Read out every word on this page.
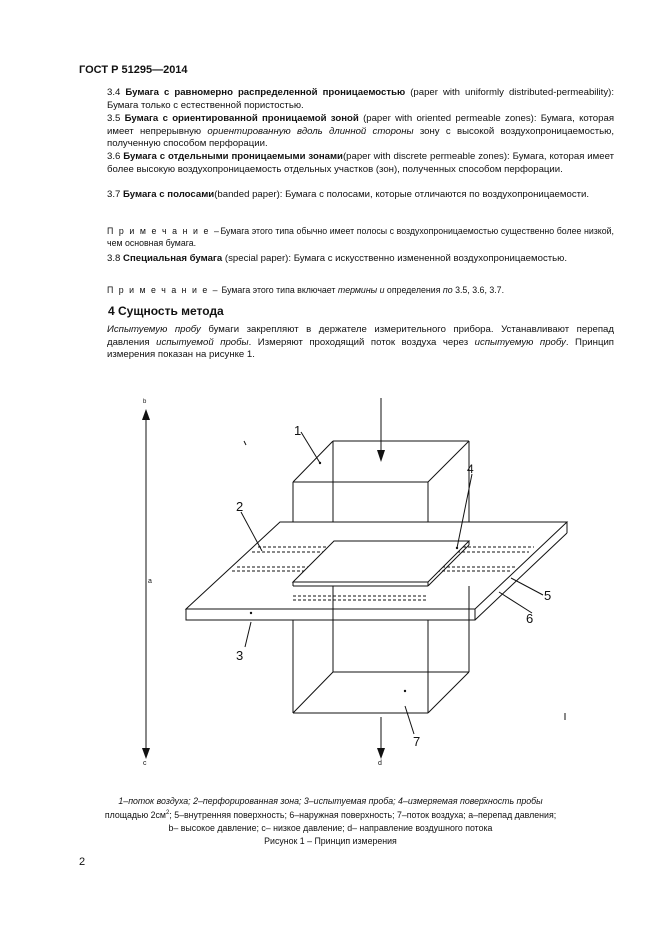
ГОСТ Р 51295—2014
3.4 Бумага с равномерно распределенной проницаемостью (paper with uniformly distributed-permeability): Бумага только с естественной пористостью.
3.5 Бумага с ориентированной проницаемой зоной (paper with oriented permeable zones): Бумага, которая имеет непрерывную ориентированную вдоль длинной стороны зону с высокой воздухопроницаемостью, полученную способом перфорации.
3.6 Бумага с отдельными проницаемыми зонами(paper with discrete permeable zones): Бумага, которая имеет более высокую воздухопроницаемость отдельных участков (зон), полученных способом перфорации.
3.7 Бумага с полосами(banded paper): Бумага с полосами, которые отличаются по воздухопроницаемости.
П р и м е ч а н и е –Бумага этого типа обычно имеет полосы с воздухопроницаемостью существенно более низкой, чем основная бумага.
3.8 Специальная бумага (special paper): Бумага с искусственно измененной воздухопроницаемостью.
П р и м е ч а н и е – Бумага этого типа включает термины и определения по 3.5, 3.6, 3.7.
4 Сущность метода
Испытуемую пробу бумаги закрепляют в держателе измерительного прибора. Устанавливают перепад давления испытуемой пробы. Измеряют проходящий поток воздуха через испытуемую пробу. Принцип измерения показан на рисунке 1.
b
a
c	d
1
2
3
4
5
6
7
1–поток воздуха; 2–перфорированная зона; 3–испытуемая проба; 4–измеряемая поверхность пробы
площадью $2см^2$; 5–внутренняя поверхность; 6–наружная поверхность; 7–поток воздуха; a–перепад давления;
b– высокое давление; c– низкое давление; d– направление воздушного потока
Рисунок 1 – Принцип измерения
2
